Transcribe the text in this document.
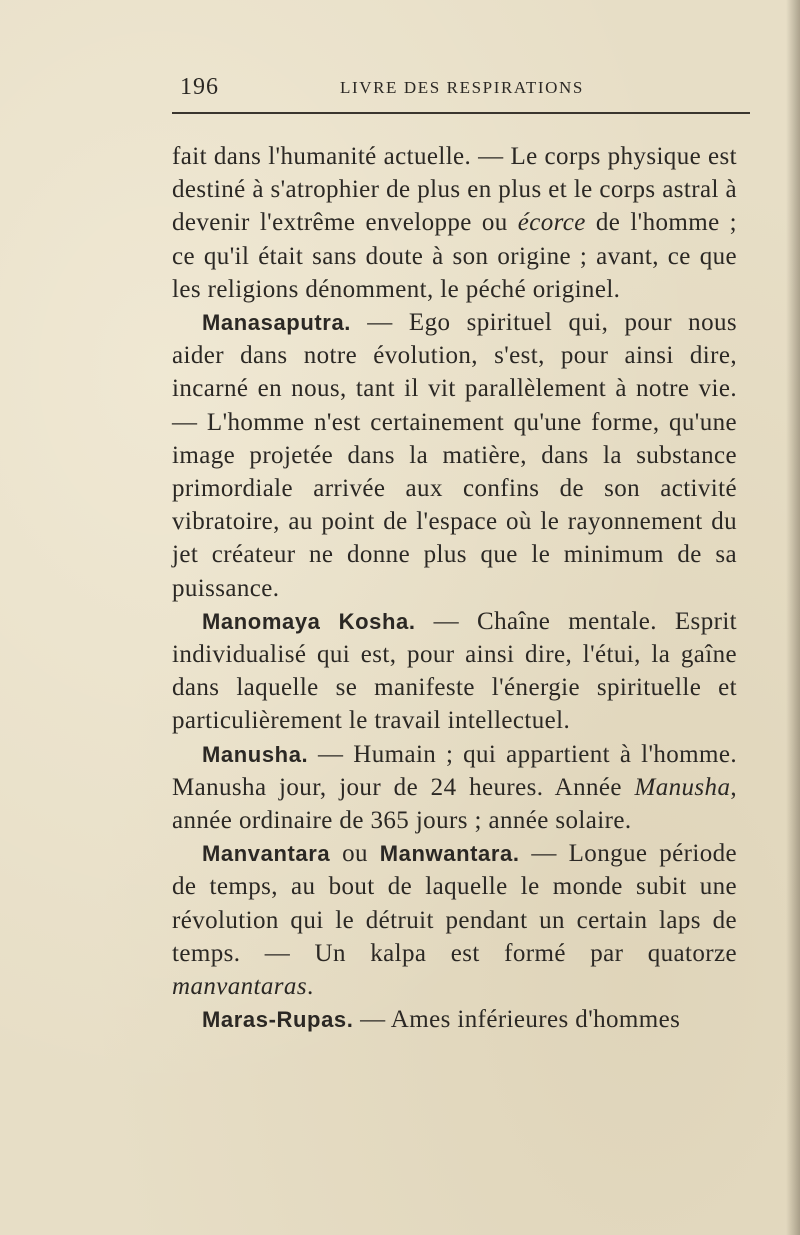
196	LIVRE DES RESPIRATIONS

fait dans l'humanité actuelle. — Le corps physique est destiné à s'atrophier de plus en plus et le corps astral à devenir l'extrême enveloppe ou écorce de l'homme ; ce qu'il était sans doute à son origine ; avant, ce que les religions dénomment, le péché originel.

Manasaputra. — Ego spirituel qui, pour nous aider dans notre évolution, s'est, pour ainsi dire, incarné en nous, tant il vit parallèlement à notre vie. — L'homme n'est certainement qu'une forme, qu'une image projetée dans la matière, dans la substance primordiale arrivée aux confins de son activité vibratoire, au point de l'espace où le rayonnement du jet créateur ne donne plus que le minimum de sa puissance.

Manomaya Kosha. — Chaîne mentale. Esprit individualisé qui est, pour ainsi dire, l'étui, la gaîne dans laquelle se manifeste l'énergie spirituelle et particulièrement le travail intellectuel.

Manusha. — Humain ; qui appartient à l'homme. Manusha jour, jour de 24 heures. Année Manusha, année ordinaire de 365 jours ; année solaire.

Manvantara ou Manwantara. — Longue période de temps, au bout de laquelle le monde subit une révolution qui le détruit pendant un certain laps de temps. — Un kalpa est formé par quatorze manvantaras.

Maras-Rupas. — Ames inférieures d'hommes
